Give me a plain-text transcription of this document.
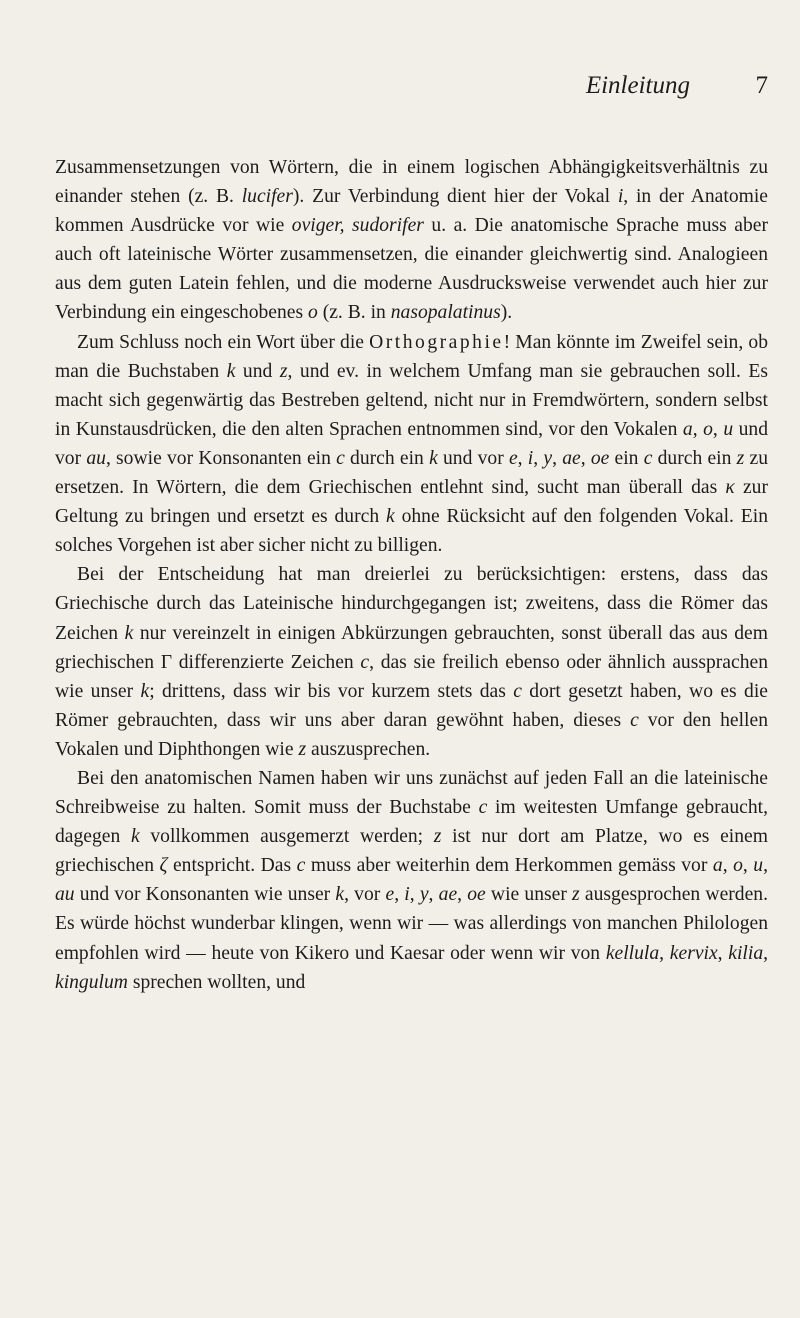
Einleitung	7

Zusammensetzungen von Wörtern, die in einem logischen Abhängigkeitsverhältnis zu einander stehen (z. B. lucifer). Zur Verbindung dient hier der Vokal i, in der Anatomie kommen Ausdrücke vor wie oviger, sudorifer u. a. Die anatomische Sprache muss aber auch oft lateinische Wörter zusammensetzen, die einander gleichwertig sind. Analogieen aus dem guten Latein fehlen, und die moderne Ausdrucksweise verwendet auch hier zur Verbindung ein eingeschobenes o (z. B. in nasopalatinus).

Zum Schluss noch ein Wort über die Orthographie! Man könnte im Zweifel sein, ob man die Buchstaben k und z, und ev. in welchem Umfang man sie gebrauchen soll. Es macht sich gegenwärtig das Bestreben geltend, nicht nur in Fremdwörtern, sondern selbst in Kunstausdrücken, die den alten Sprachen entnommen sind, vor den Vokalen a, o, u und vor au, sowie vor Konsonanten ein c durch ein k und vor e, i, y, ae, oe ein c durch ein z zu ersetzen. In Wörtern, die dem Griechischen entlehnt sind, sucht man überall das κ zur Geltung zu bringen und ersetzt es durch k ohne Rücksicht auf den folgenden Vokal. Ein solches Vorgehen ist aber sicher nicht zu billigen.

Bei der Entscheidung hat man dreierlei zu berücksichtigen: erstens, dass das Griechische durch das Lateinische hindurchgegangen ist; zweitens, dass die Römer das Zeichen k nur vereinzelt in einigen Abkürzungen gebrauchten, sonst überall das aus dem griechischen Γ differenzierte Zeichen c, das sie freilich ebenso oder ähnlich aussprachen wie unser k; drittens, dass wir bis vor kurzem stets das c dort gesetzt haben, wo es die Römer gebrauchten, dass wir uns aber daran gewöhnt haben, dieses c vor den hellen Vokalen und Diphthongen wie z auszusprechen.

Bei den anatomischen Namen haben wir uns zunächst auf jeden Fall an die lateinische Schreibweise zu halten. Somit muss der Buchstabe c im weitesten Umfange gebraucht, dagegen k vollkommen ausgemerzt werden; z ist nur dort am Platze, wo es einem griechischen ζ entspricht. Das c muss aber weiterhin dem Herkommen gemäss vor a, o, u, au und vor Konsonanten wie unser k, vor e, i, y, ae, oe wie unser z ausgesprochen werden. Es würde höchst wunderbar klingen, wenn wir — was allerdings von manchen Philologen empfohlen wird — heute von Kikero und Kaesar oder wenn wir von kellula, kervix, kilia, kingulum sprechen wollten, und
